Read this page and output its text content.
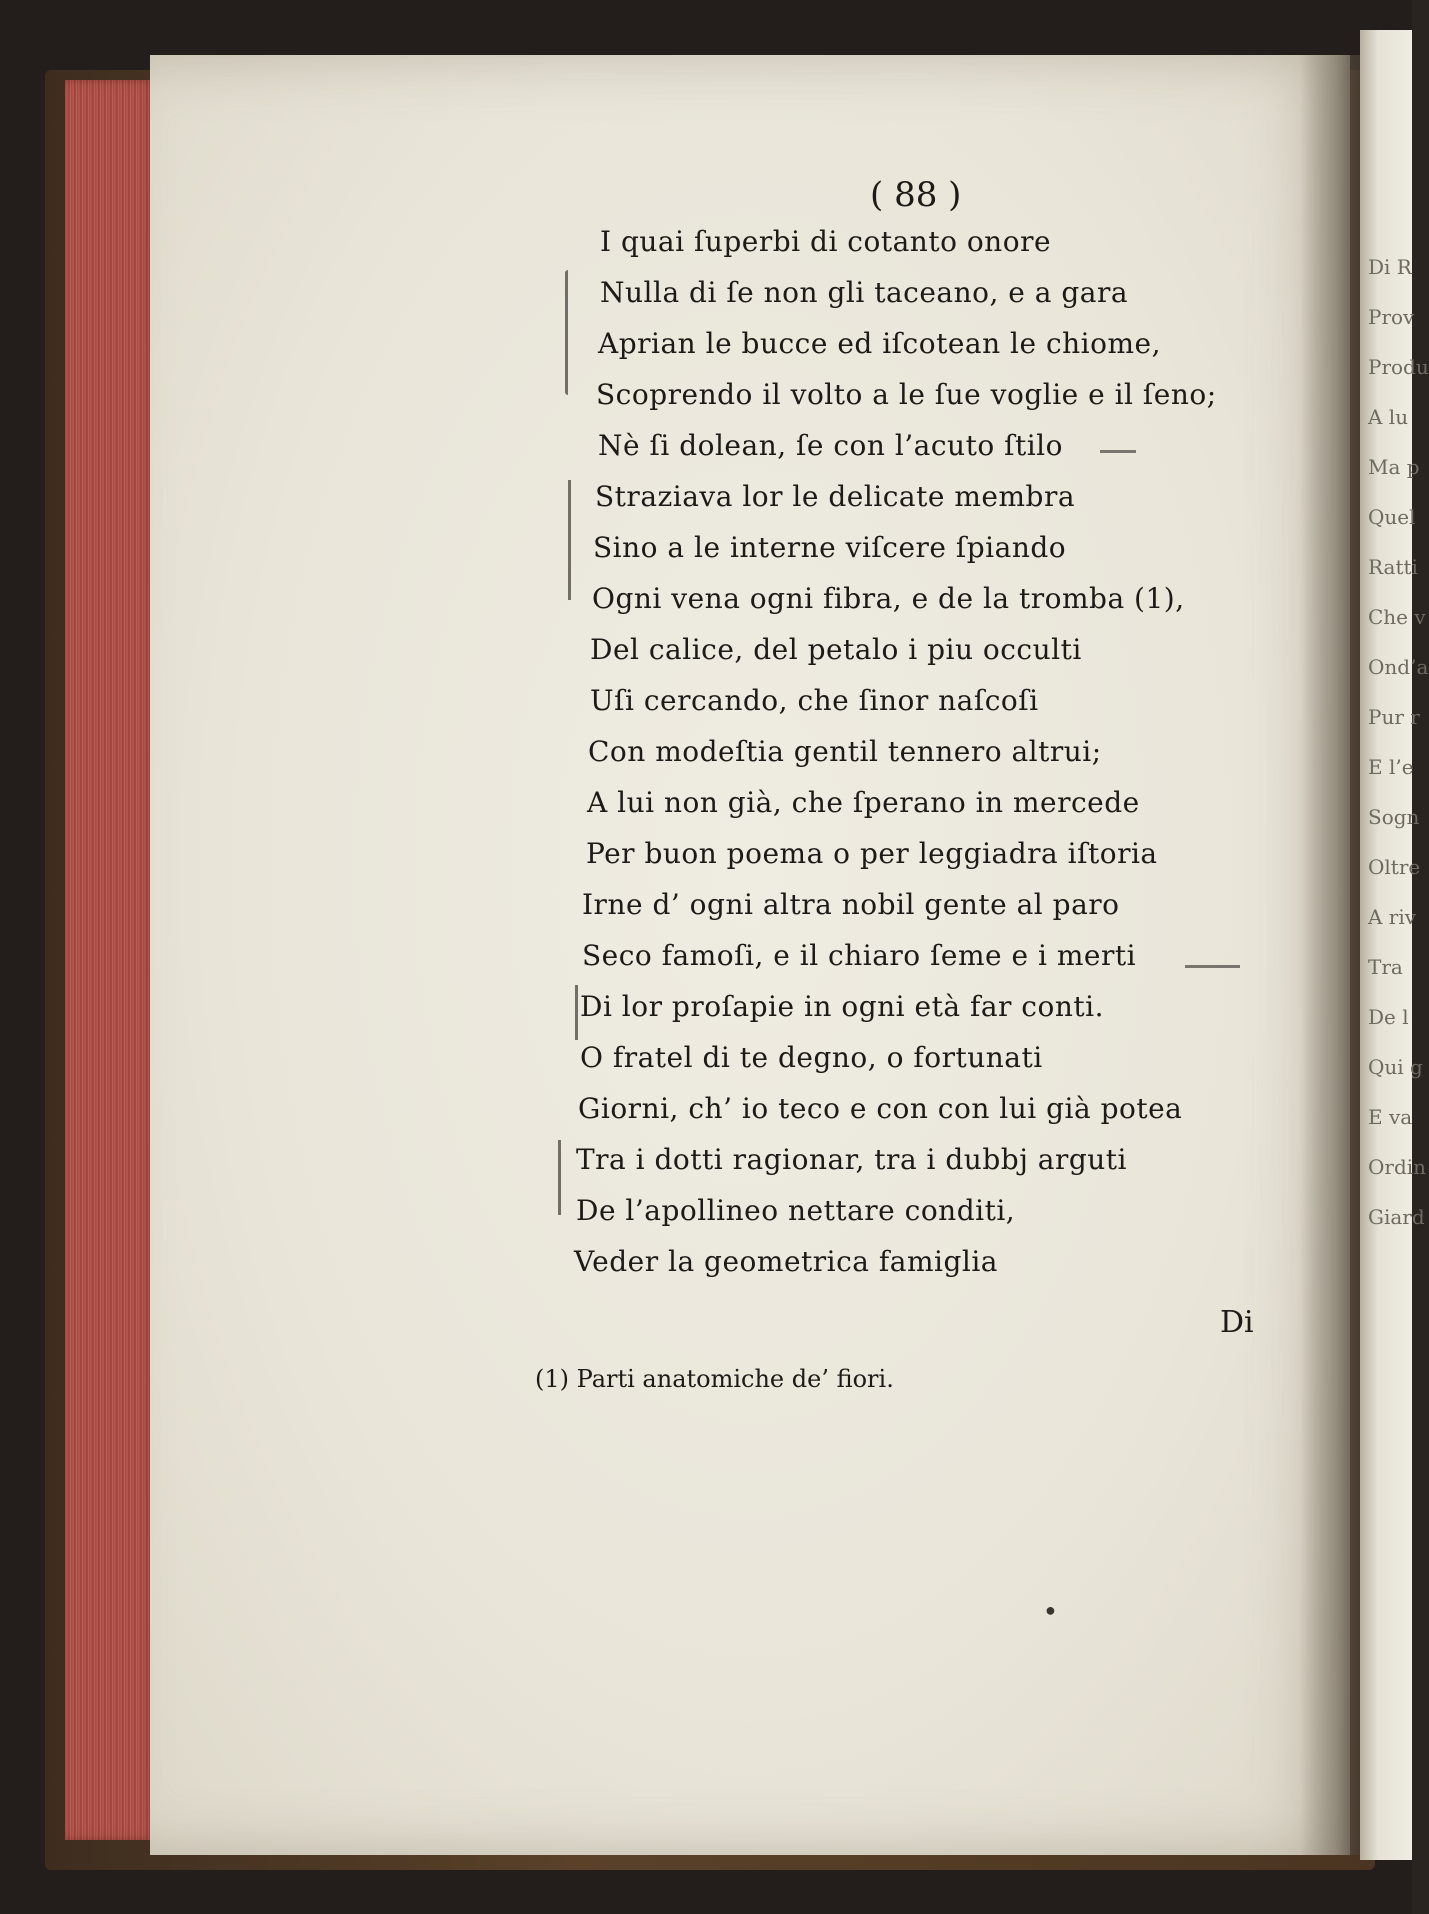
Di R
Prov
Produ
A lu
Ma p
Quel
Ratti
Che v
Ond’a
Pur r
E l’e
Sogn
Oltre
A riv
Tra
De l
Qui g
E va
Ordin
Giard
( 88 )
I quai ſuperbi di cotanto onore
Nulla di ſe non gli taceano, e a gara
Aprian le bucce ed iſcotean le chiome,
Scoprendo il volto a le ſue voglie e il ſeno;
Nè ſi dolean, ſe con l’acuto ſtilo
Straziava lor le delicate membra
Sino a le interne viſcere ſpiando
Ogni vena ogni fibra, e de la tromba (1),
Del calice, del petalo i piu occulti
Uſi cercando, che ſinor naſcoſi
Con modeſtia gentil tennero altrui;
A lui non già, che ſperano in mercede
Per buon poema o per leggiadra iſtoria
Irne d’ ogni altra nobil gente al paro
Seco famoſi, e il chiaro ſeme e i merti
Di lor proſapie in ogni età far conti.
O fratel di te degno, o fortunati
Giorni, ch’ io teco e con con lui già potea
Tra i dotti ragionar, tra i dubbj arguti
De l’apollineo nettare conditi,
Veder la geometrica famiglia
Di
(1) Parti anatomiche de’ fiori.
●
